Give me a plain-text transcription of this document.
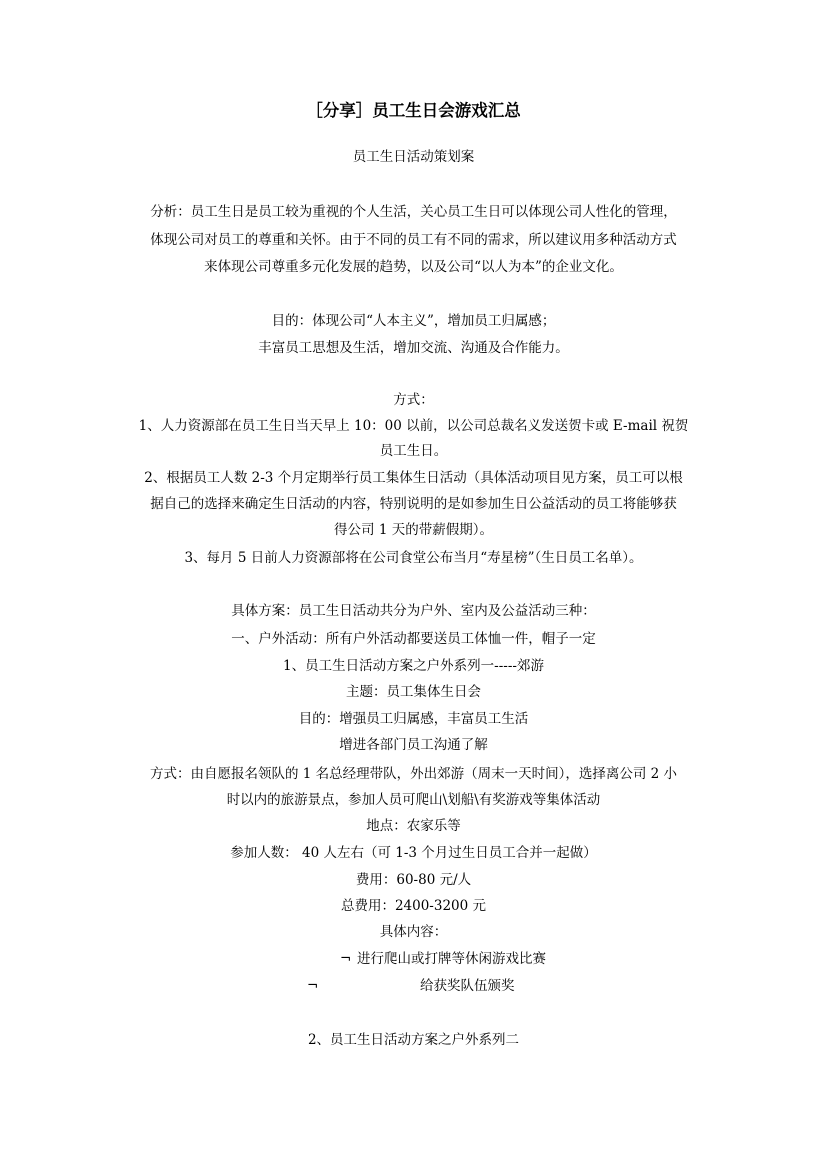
［分享］员工生日会游戏汇总
员工生日活动策划案
分析：员工生日是员工较为重视的个人生活，关心员工生日可以体现公司人性化的管理，
体现公司对员工的尊重和关怀。由于不同的员工有不同的需求，所以建议用多种活动方式
来体现公司尊重多元化发展的趋势，以及公司“以人为本”的企业文化。
目的：体现公司“人本主义”，增加员工归属感；
丰富员工思想及生活，增加交流、沟通及合作能力。
方式：
1、人力资源部在员工生日当天早上 10：00 以前，以公司总裁名义发送贺卡或 E-mail 祝贺
员工生日。
2、根据员工人数 2-3 个月定期举行员工集体生日活动（具体活动项目见方案，员工可以根
据自己的选择来确定生日活动的内容，特别说明的是如参加生日公益活动的员工将能够获
得公司 1 天的带薪假期）。
3、每月 5 日前人力资源部将在公司食堂公布当月“寿星榜”（生日员工名单）。
具体方案：员工生日活动共分为户外、室内及公益活动三种：
一、户外活动：所有户外活动都要送员工体恤一件，帽子一定
1、员工生日活动方案之户外系列一-----郊游
主题：员工集体生日会
目的：增强员工归属感，丰富员工生活
增进各部门员工沟通了解
方式：由自愿报名领队的 1 名总经理带队，外出郊游（周末一天时间），选择离公司 2 小
时以内的旅游景点，参加人员可爬山\划船\有奖游戏等集体活动
地点：农家乐等
参加人数： 40 人左右（可 1-3 个月过生日员工合并一起做）
费用：60-80 元/人
总费用：2400-3200 元
具体内容：
¬ 进行爬山或打牌等休闲游戏比赛
¬	给获奖队伍颁奖
2、员工生日活动方案之户外系列二
